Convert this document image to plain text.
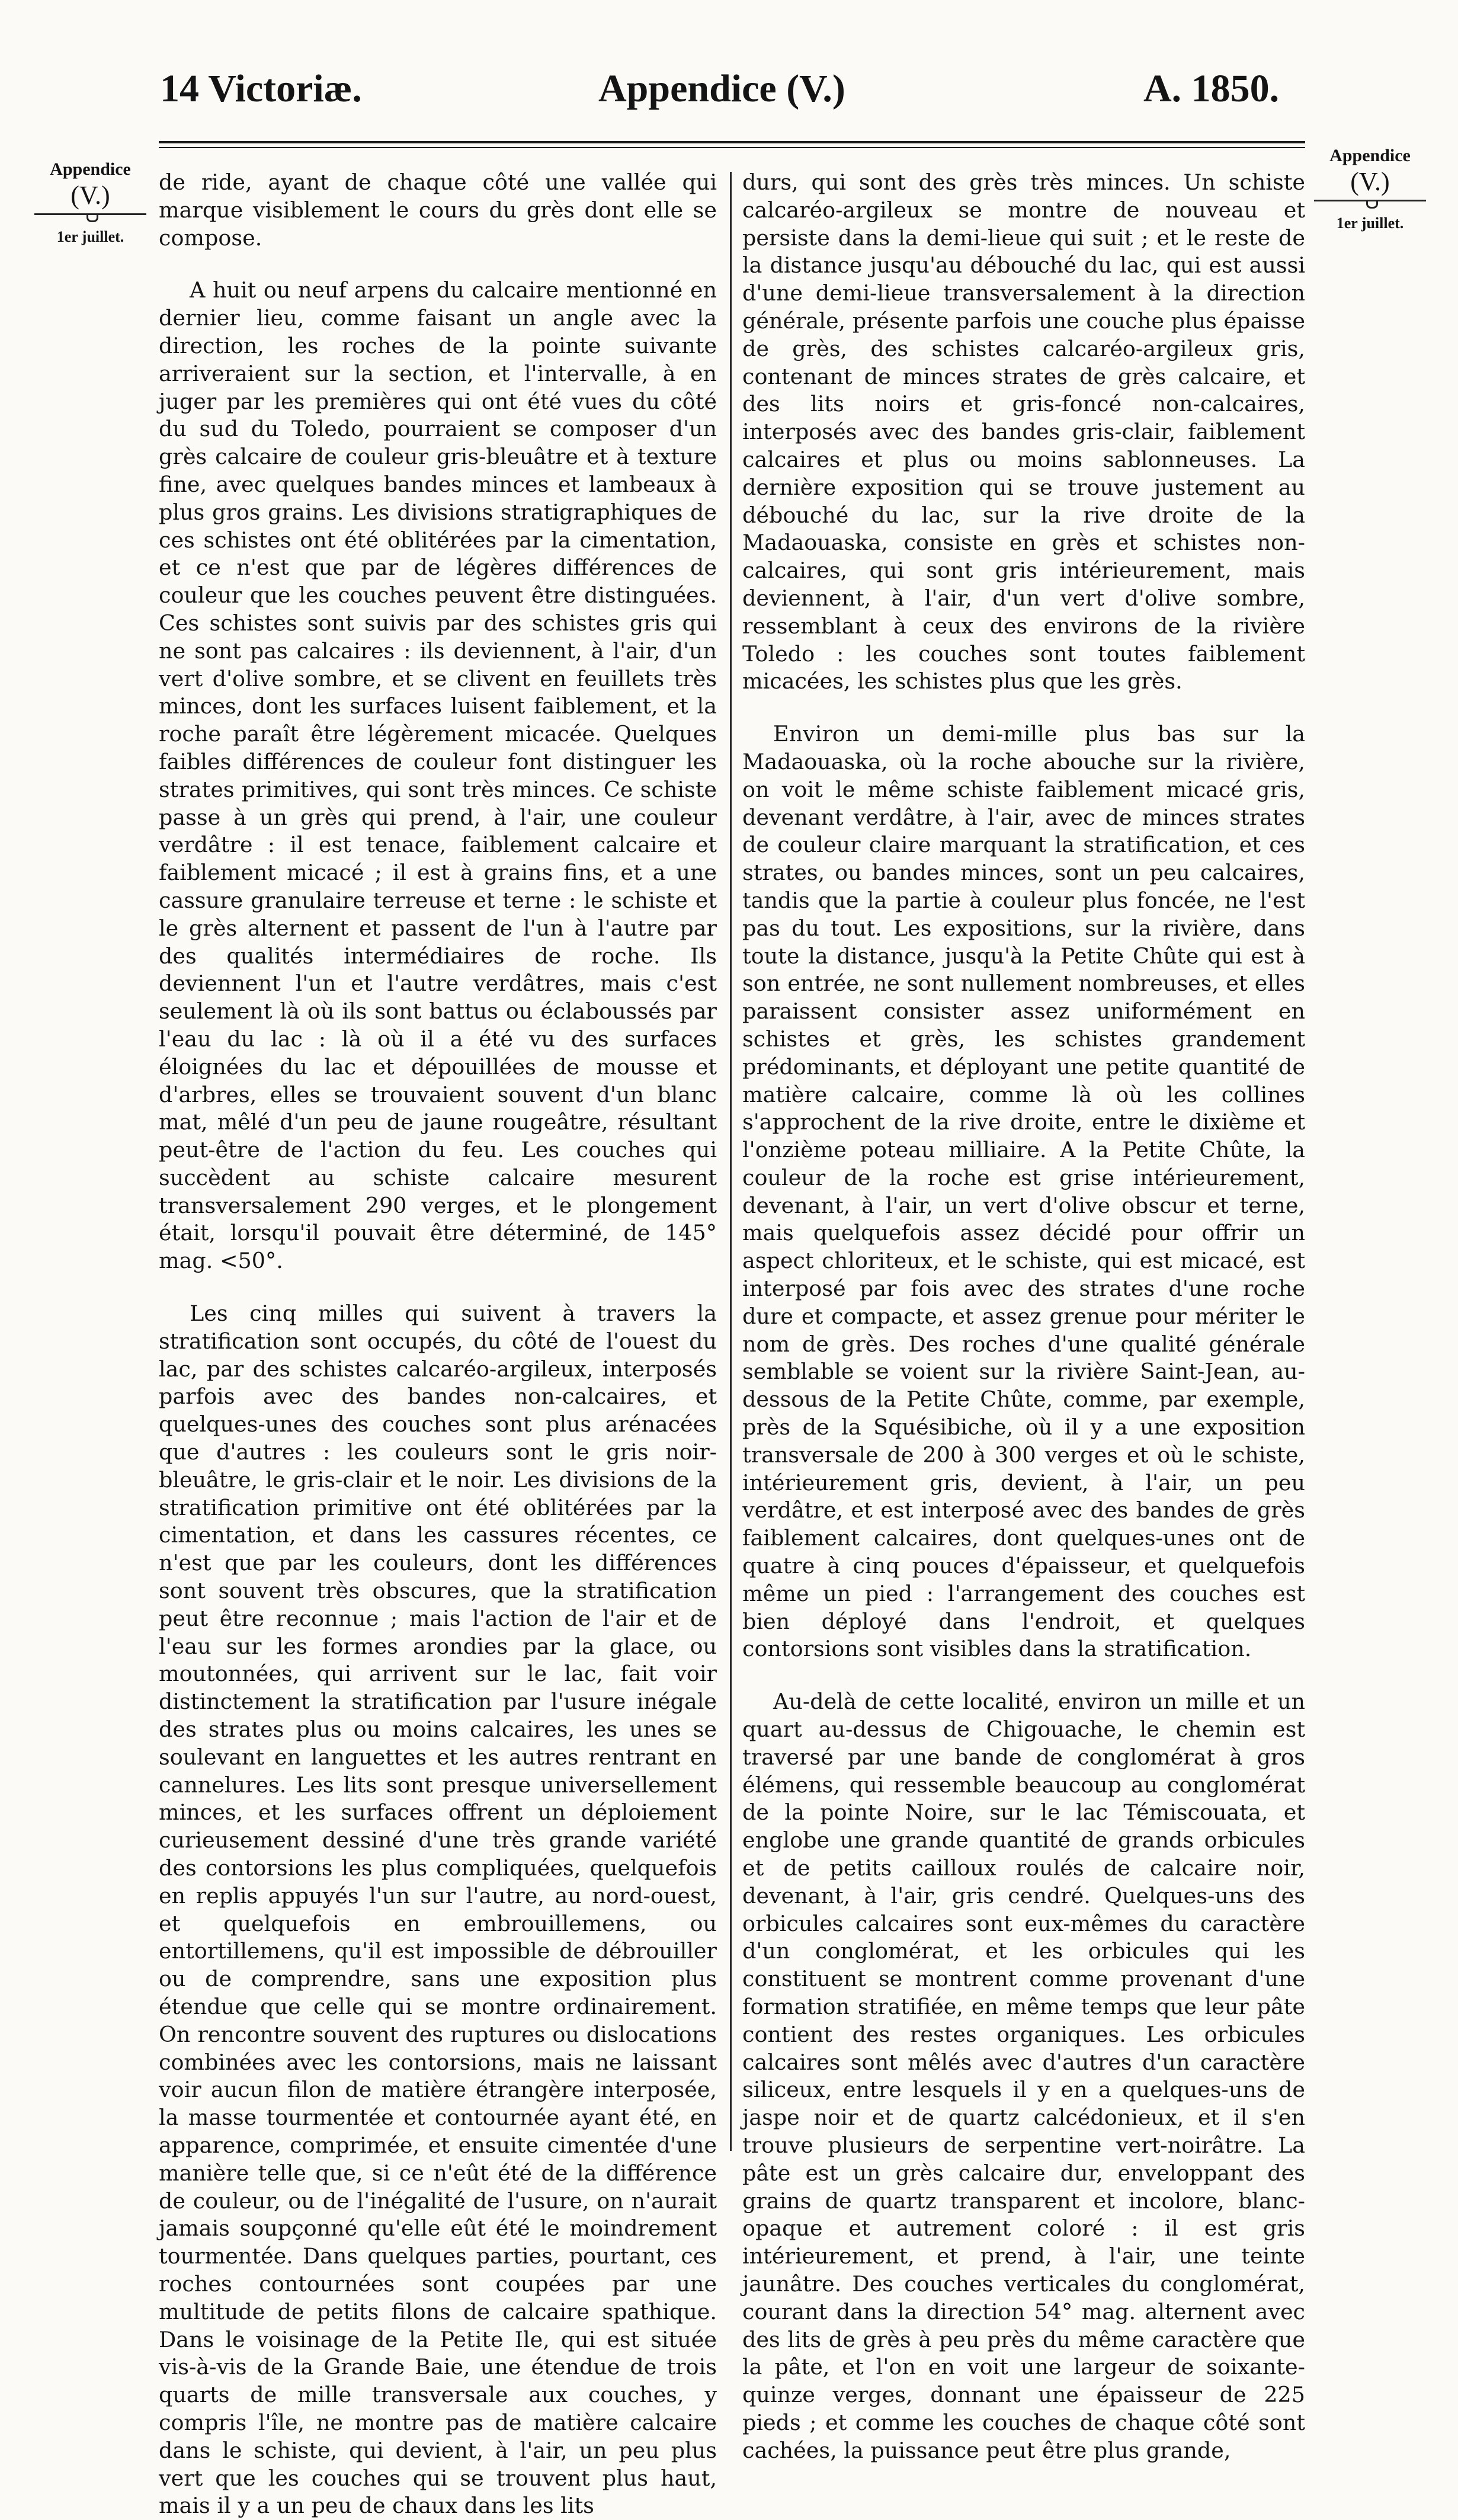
14 Victoriæ.	Appendice (V.)	A. 1850.
Appendice
(V.)
1er juillet.
Appendice
(V.)
1er juillet.

de ride, ayant de chaque côté une vallée qui marque visiblement le cours du grès dont elle se compose.

A huit ou neuf arpens du calcaire mentionné en dernier lieu, comme faisant un angle avec la direction, les roches de la pointe suivante arriveraient sur la section, et l'intervalle, à en juger par les premières qui ont été vues du côté du sud du Toledo, pourraient se composer d'un grès calcaire de couleur gris-bleuâtre et à texture fine, avec quelques bandes minces et lambeaux à plus gros grains. Les divisions stratigraphiques de ces schistes ont été oblitérées par la cimentation, et ce n'est que par de légères différences de couleur que les couches peuvent être distinguées. Ces schistes sont suivis par des schistes gris qui ne sont pas calcaires : ils deviennent, à l'air, d'un vert d'olive sombre, et se clivent en feuillets très minces, dont les surfaces luisent faiblement, et la roche paraît être légèrement micacée. Quelques faibles différences de couleur font distinguer les strates primitives, qui sont très minces. Ce schiste passe à un grès qui prend, à l'air, une couleur verdâtre : il est tenace, faiblement calcaire et faiblement micacé ; il est à grains fins, et a une cassure granulaire terreuse et terne : le schiste et le grès alternent et passent de l'un à l'autre par des qualités intermédiaires de roche. Ils deviennent l'un et l'autre verdâtres, mais c'est seulement là où ils sont battus ou éclaboussés par l'eau du lac : là où il a été vu des surfaces éloignées du lac et dépouillées de mousse et d'arbres, elles se trouvaient souvent d'un blanc mat, mêlé d'un peu de jaune rougeâtre, résultant peut-être de l'action du feu. Les couches qui succèdent au schiste calcaire mesurent transversalement 290 verges, et le plongement était, lorsqu'il pouvait être déterminé, de 145° mag. <50°.

Les cinq milles qui suivent à travers la stratification sont occupés, du côté de l'ouest du lac, par des schistes calcaréo-argileux, interposés parfois avec des bandes non-calcaires, et quelques-unes des couches sont plus arénacées que d'autres : les couleurs sont le gris noir-bleuâtre, le gris-clair et le noir. Les divisions de la stratification primitive ont été oblitérées par la cimentation, et dans les cassures récentes, ce n'est que par les couleurs, dont les différences sont souvent très obscures, que la stratification peut être reconnue ; mais l'action de l'air et de l'eau sur les formes arondies par la glace, ou moutonnées, qui arrivent sur le lac, fait voir distinctement la stratification par l'usure inégale des strates plus ou moins calcaires, les unes se soulevant en languettes et les autres rentrant en cannelures. Les lits sont presque universellement minces, et les surfaces offrent un déploiement curieusement dessiné d'une très grande variété des contorsions les plus compliquées, quelquefois en replis appuyés l'un sur l'autre, au nord-ouest, et quelquefois en embrouillemens, ou entortillemens, qu'il est impossible de débrouiller ou de comprendre, sans une exposition plus étendue que celle qui se montre ordinairement. On rencontre souvent des ruptures ou dislocations combinées avec les contorsions, mais ne laissant voir aucun filon de matière étrangère interposée, la masse tourmentée et contournée ayant été, en apparence, comprimée, et ensuite cimentée d'une manière telle que, si ce n'eût été de la différence de couleur, ou de l'inégalité de l'usure, on n'aurait jamais soupçonné qu'elle eût été le moindrement tourmentée. Dans quelques parties, pourtant, ces roches contournées sont coupées par une multitude de petits filons de calcaire spathique. Dans le voisinage de la Petite Ile, qui est située vis-à-vis de la Grande Baie, une étendue de trois quarts de mille transversale aux couches, y compris l'île, ne montre pas de matière calcaire dans le schiste, qui devient, à l'air, un peu plus vert que les couches qui se trouvent plus haut, mais il y a un peu de chaux dans les lits

durs, qui sont des grès très minces. Un schiste calcaréo-argileux se montre de nouveau et persiste dans la demi-lieue qui suit ; et le reste de la distance jusqu'au débouché du lac, qui est aussi d'une demi-lieue transversalement à la direction générale, présente parfois une couche plus épaisse de grès, des schistes calcaréo-argileux gris, contenant de minces strates de grès calcaire, et des lits noirs et gris-foncé non-calcaires, interposés avec des bandes gris-clair, faiblement calcaires et plus ou moins sablonneuses. La dernière exposition qui se trouve justement au débouché du lac, sur la rive droite de la Madaouaska, consiste en grès et schistes non-calcaires, qui sont gris intérieurement, mais deviennent, à l'air, d'un vert d'olive sombre, ressemblant à ceux des environs de la rivière Toledo : les couches sont toutes faiblement micacées, les schistes plus que les grès.

Environ un demi-mille plus bas sur la Madaouaska, où la roche abouche sur la rivière, on voit le même schiste faiblement micacé gris, devenant verdâtre, à l'air, avec de minces strates de couleur claire marquant la stratification, et ces strates, ou bandes minces, sont un peu calcaires, tandis que la partie à couleur plus foncée, ne l'est pas du tout. Les expositions, sur la rivière, dans toute la distance, jusqu'à la Petite Chûte qui est à son entrée, ne sont nullement nombreuses, et elles paraissent consister assez uniformément en schistes et grès, les schistes grandement prédominants, et déployant une petite quantité de matière calcaire, comme là où les collines s'approchent de la rive droite, entre le dixième et l'onzième poteau milliaire. A la Petite Chûte, la couleur de la roche est grise intérieurement, devenant, à l'air, un vert d'olive obscur et terne, mais quelquefois assez décidé pour offrir un aspect chloriteux, et le schiste, qui est micacé, est interposé par fois avec des strates d'une roche dure et compacte, et assez grenue pour mériter le nom de grès. Des roches d'une qualité générale semblable se voient sur la rivière Saint-Jean, au-dessous de la Petite Chûte, comme, par exemple, près de la Squésibiche, où il y a une exposition transversale de 200 à 300 verges et où le schiste, intérieurement gris, devient, à l'air, un peu verdâtre, et est interposé avec des bandes de grès faiblement calcaires, dont quelques-unes ont de quatre à cinq pouces d'épaisseur, et quelquefois même un pied : l'arrangement des couches est bien déployé dans l'endroit, et quelques contorsions sont visibles dans la stratification.

Au-delà de cette localité, environ un mille et un quart au-dessus de Chigouache, le chemin est traversé par une bande de conglomérat à gros élémens, qui ressemble beaucoup au conglomérat de la pointe Noire, sur le lac Témiscouata, et englobe une grande quantité de grands orbicules et de petits cailloux roulés de calcaire noir, devenant, à l'air, gris cendré. Quelques-uns des orbicules calcaires sont eux-mêmes du caractère d'un conglomérat, et les orbicules qui les constituent se montrent comme provenant d'une formation stratifiée, en même temps que leur pâte contient des restes organiques. Les orbicules calcaires sont mêlés avec d'autres d'un caractère siliceux, entre lesquels il y en a quelques-uns de jaspe noir et de quartz calcédonieux, et il s'en trouve plusieurs de serpentine vert-noirâtre. La pâte est un grès calcaire dur, enveloppant des grains de quartz transparent et incolore, blanc-opaque et autrement coloré : il est gris intérieurement, et prend, à l'air, une teinte jaunâtre. Des couches verticales du conglomérat, courant dans la direction 54° mag. alternent avec des lits de grès à peu près du même caractère que la pâte, et l'on en voit une largeur de soixante-quinze verges, donnant une épaisseur de 225 pieds ; et comme les couches de chaque côté sont cachées, la puissance peut être plus grande,
